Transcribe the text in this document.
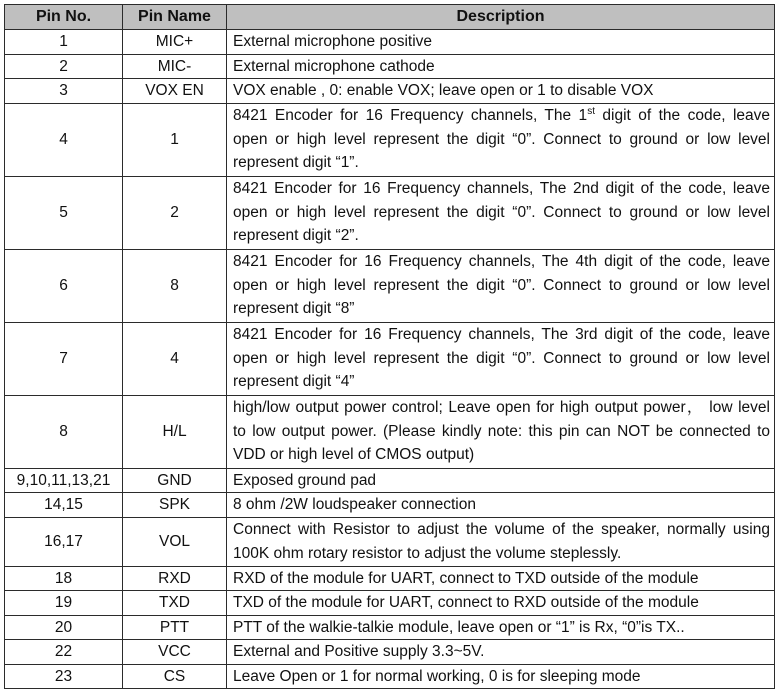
Pin No.	Pin Name	Description
1	MIC+	External microphone positive
2	MIC-	External microphone cathode
3	VOX EN	VOX enable , 0: enable VOX; leave open or 1 to disable VOX
4	1	8421 Encoder for 16 Frequency channels, The 1st digit of the code, leave open or high level represent the digit “0”. Connect to ground or low level represent digit “1”.
5	2	8421 Encoder for 16 Frequency channels, The 2nd digit of the code, leave open or high level represent the digit “0”. Connect to ground or low level represent digit “2”.
6	8	8421 Encoder for 16 Frequency channels, The 4th digit of the code, leave open or high level represent the digit “0”. Connect to ground or low level represent digit “8”
7	4	8421 Encoder for 16 Frequency channels, The 3rd digit of the code, leave open or high level represent the digit “0”. Connect to ground or low level represent digit “4”
8	H/L	high/low output power control; Leave open for high output power， low level to low output power. (Please kindly note: this pin can NOT be connected to VDD or high level of CMOS output)
9,10,11,13,21	GND	Exposed ground pad
14,15	SPK	8 ohm /2W loudspeaker connection
16,17	VOL	Connect with Resistor to adjust the volume of the speaker, normally using 100K ohm rotary resistor to adjust the volume steplessly.
18	RXD	RXD of the module for UART, connect to TXD outside of the module
19	TXD	TXD of the module for UART, connect to RXD outside of the module
20	PTT	PTT of the walkie-talkie module, leave open or “1” is Rx, “0”is TX..
22	VCC	External and Positive supply 3.3~5V.
23	CS	Leave Open or 1 for normal working, 0 is for sleeping mode
